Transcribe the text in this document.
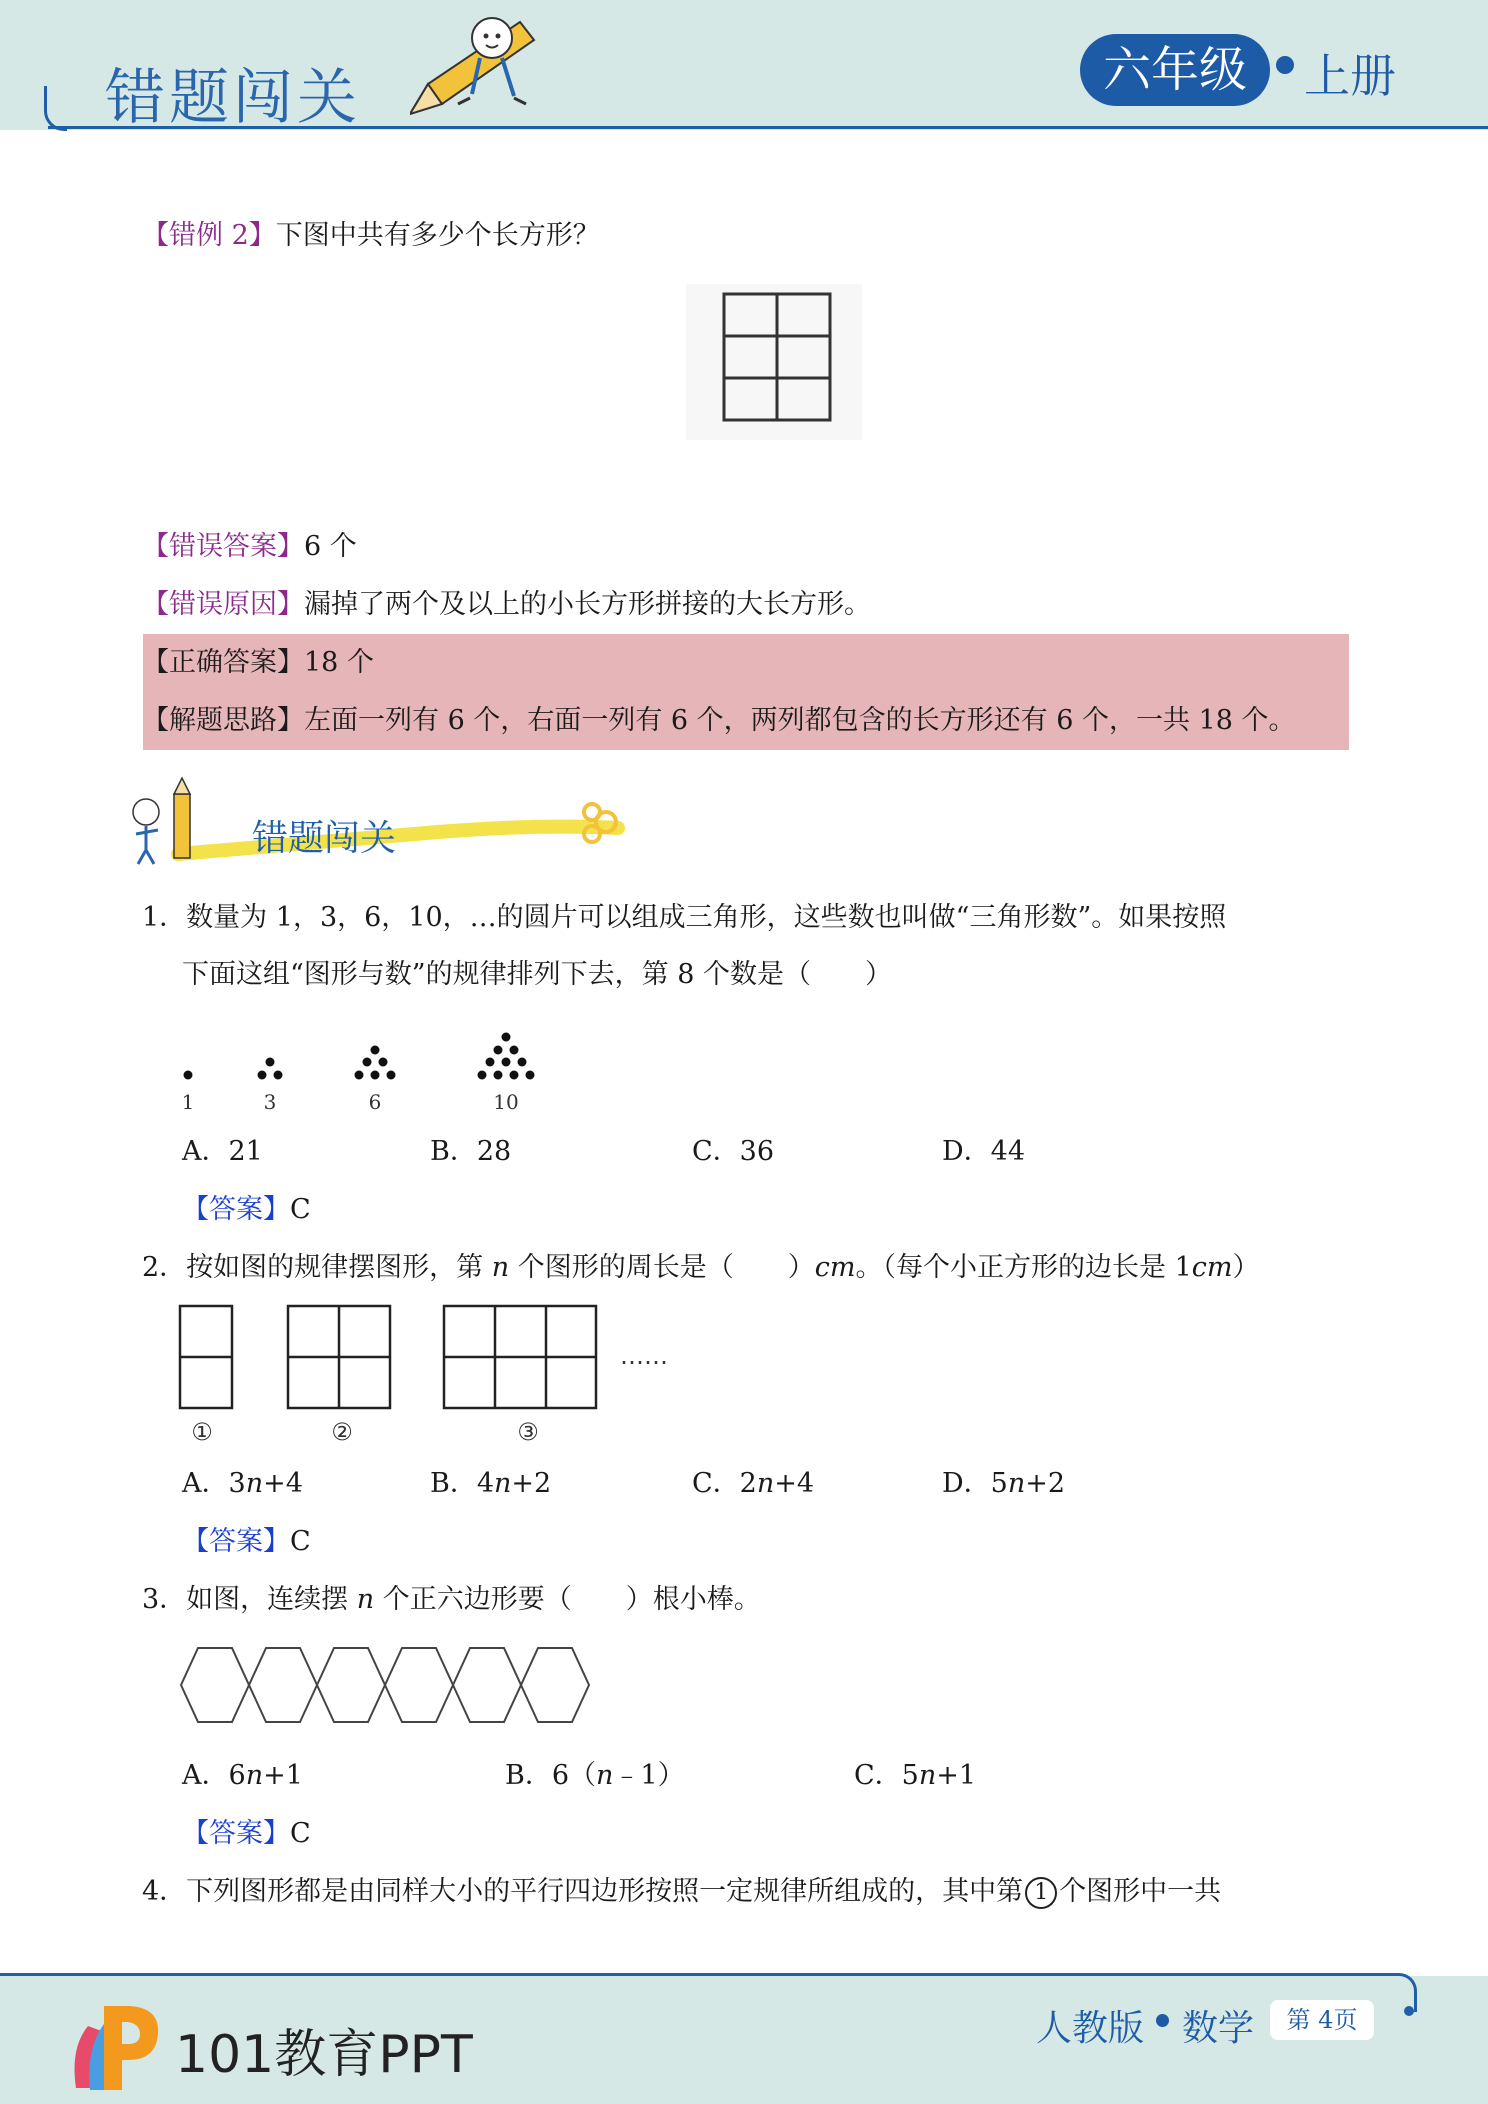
错题闯关	六年级	上册
【错例 2】下图中共有多少个长方形？
【错误答案】6 个
【错误原因】漏掉了两个及以上的小长方形拼接的大长方形。
【正确答案】18 个
【解题思路】左面一列有 6 个，右面一列有 6 个，两列都包含的长方形还有 6 个，一共 18 个。
错题闯关
1．数量为 1，3，6，10，…的圆片可以组成三角形，这些数也叫做“三角形数”。如果按照
下面这组“图形与数”的规律排列下去，第 8 个数是（　　）
1	3	6	10
A．21	B．28	C．36	D．44
【答案】C
2．按如图的规律摆图形，第 n 个图形的周长是（　　）cm。（每个小正方形的边长是 1cm）
①	②	③
……
A．3n+4	B．4n+2	C．2n+4	D．5n+2
【答案】C
3．如图，连续摆 n 个正六边形要（　　）根小棒。
A．6n+1	B．6（n﹣1）	C．5n+1
【答案】C
4．下列图形都是由同样大小的平行四边形按照一定规律所组成的，其中第 1 个图形中一共
101教育PPT	人教版 数学	第 4页
